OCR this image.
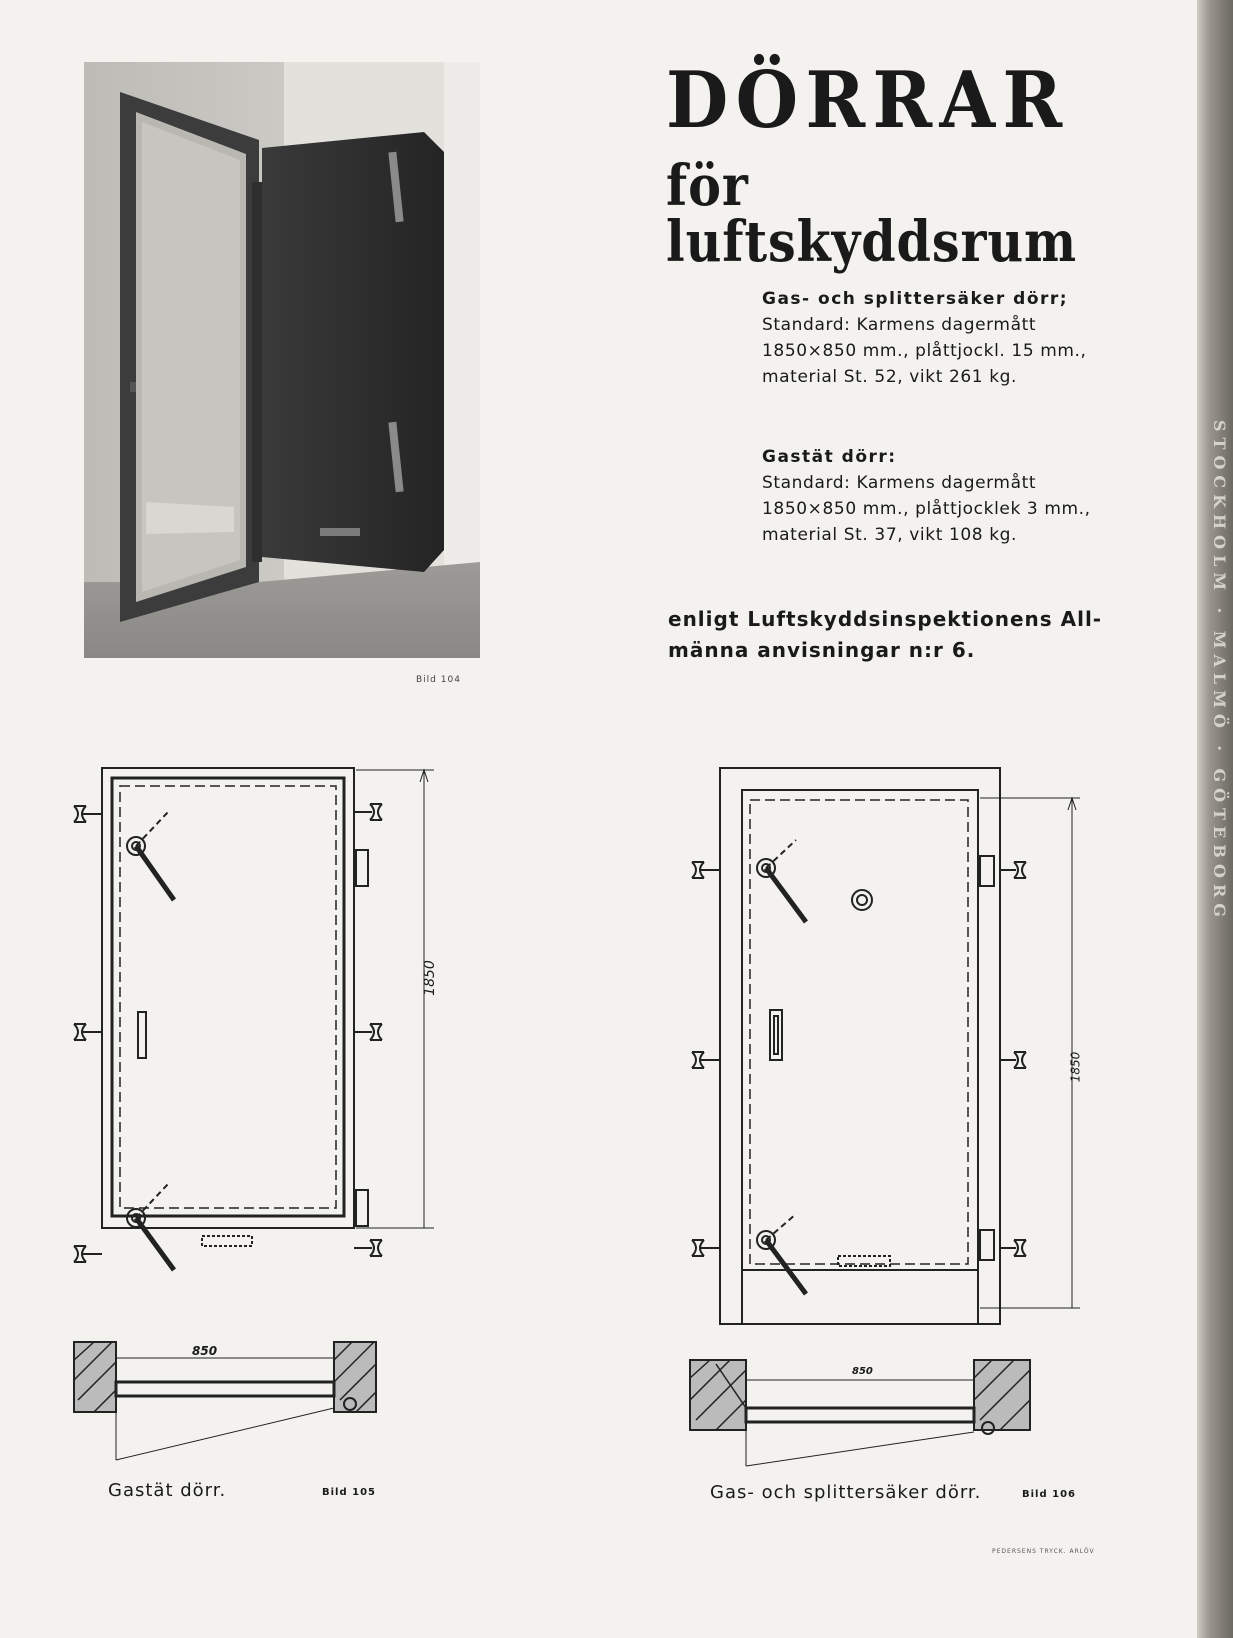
STOCKHOLM · MALMÖ · GÖTEBORG
Bild 104
DÖRRAR
för luftskyddsrum
Gas- och splittersäker dörr;

Standard: Karmens dagermått

1850×850 mm., plåttjockl. 15 mm.,

material St. 52, vikt 261 kg.

Gastät dörr:

Standard: Karmens dagermått

1850×850 mm., plåttjocklek 3 mm.,

material St. 37, vikt 108 kg.

enligt Luftskyddsinspektionens All-
männa anvisningar n:r 6.
1850
850
Gastät dörr.	Bild 105
1850
850
Gas- och splittersäker dörr.	Bild 106
PEDERSENS TRYCK. ARLÖV
